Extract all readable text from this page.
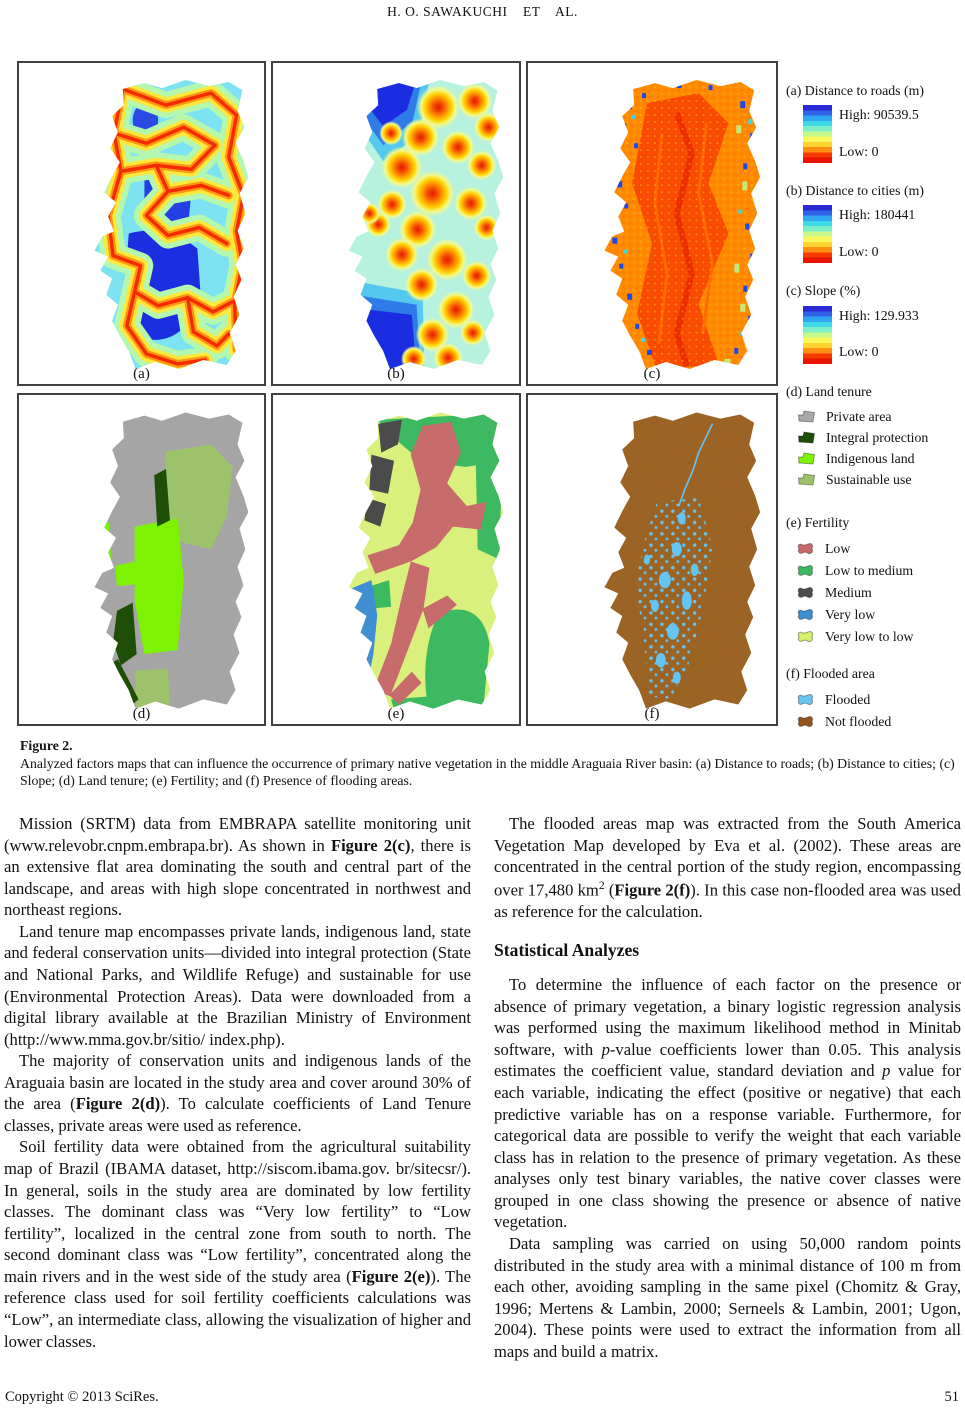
H. O. SAWAKUCHI    ET    AL.
(a)	(b)	(c)
(d)	(e)	(f)
(a) Distance to roads (m)
High: 90539.5
Low: 0
(b) Distance to cities (m)
High: 180441
Low: 0
(c) Slope (%)
High: 129.933
Low: 0
(d) Land tenure
Private area
Integral protection
Indigenous land
Sustainable use
(e) Fertility
Low
Low to medium
Medium
Very low
Very low to low
(f) Flooded area
Flooded
Not flooded
Figure 2.
Analyzed factors maps that can influence the occurrence of primary native vegetation in the middle Araguaia River basin: (a) Distance to roads; (b) Distance to cities; (c) Slope; (d) Land tenure; (e) Fertility; and (f) Presence of flooding areas.

Mission (SRTM) data from EMBRAPA satellite monitoring unit (www.relevobr.cnpm.embrapa.br). As shown in Figure 2(c), there is an extensive flat area dominating the south and central part of the landscape, and areas with high slope concentrated in northwest and northeast regions.

Land tenure map encompasses private lands, indigenous land, state and federal conservation units—divided into integral protection (State and National Parks, and Wildlife Refuge) and sustainable for use (Environmental Protection Areas). Data were downloaded from a digital library available at the Brazilian Ministry of Environment (http://www.mma.gov.br/sitio/ index.php).

The majority of conservation units and indigenous lands of the Araguaia basin are located in the study area and cover around 30% of the area (Figure 2(d)). To calculate coefficients of Land Tenure classes, private areas were used as reference.

Soil fertility data were obtained from the agricultural suitability map of Brazil (IBAMA dataset, http://siscom.ibama.gov. br/sitecsr/). In general, soils in the study area are dominated by low fertility classes. The dominant class was “Very low fertility” to “Low fertility”, localized in the central zone from south to north. The second dominant class was “Low fertility”, concentrated along the main rivers and in the west side of the study area (Figure 2(e)). The reference class used for soil fertility coefficients calculations was “Low”, an intermediate class, allowing the visualization of higher and lower classes.

The flooded areas map was extracted from the South America Vegetation Map developed by Eva et al. (2002). These areas are concentrated in the central portion of the study region, encompassing over 17,480 $km^2$ (Figure 2(f)). In this case non-flooded area was used as reference for the calculation.

Statistical Analyzes

To determine the influence of each factor on the presence or absence of primary vegetation, a binary logistic regression analysis was performed using the maximum likelihood method in Minitab software, with p-value coefficients lower than 0.05. This analysis estimates the coefficient value, standard deviation and p value for each variable, indicating the effect (positive or negative) that each predictive variable has on a response variable. Furthermore, for categorical data are possible to verify the weight that each variable class has in relation to the presence of primary vegetation. As these analyses only test binary variables, the native cover classes were grouped in one class showing the presence or absence of native vegetation.

Data sampling was carried on using 50,000 random points distributed in the study area with a minimal distance of 100 m from each other, avoiding sampling in the same pixel (Chomitz & Gray, 1996; Mertens & Lambin, 2000; Serneels & Lambin, 2001; Ugon, 2004). These points were used to extract the information from all maps and build a matrix.

Copyright © 2013 SciRes.	51
